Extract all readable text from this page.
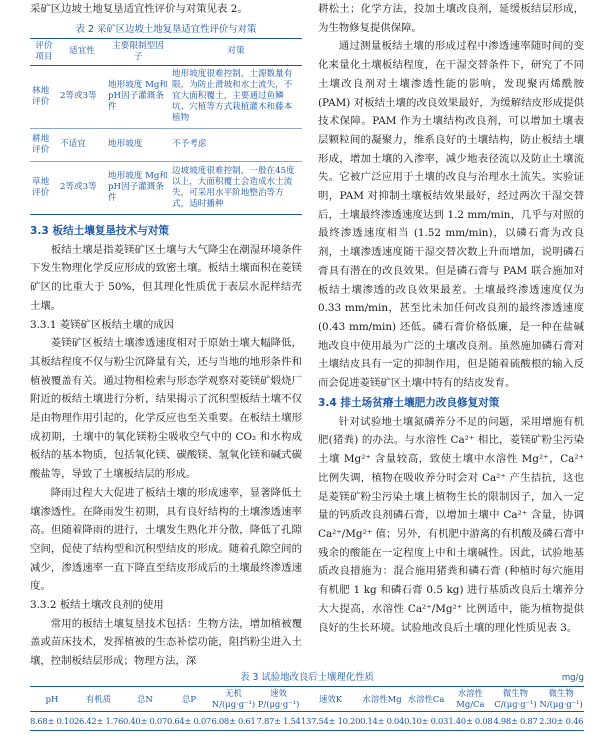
采矿区边坡土地复垦适宜性评价与对策见表 2。

表 2 采矿区边坡土地复垦适宜性评价与对策
评价项目	适宜性	主要限制型因子	对策
林地评价	2等或3等	地形坡度 Mg和pH因子灌溉条件	地形坡度很难控制，土源数量有限，为防止滑坡和水土流失，不宜大面积覆土，主要通过鱼鳞坑、穴植等方式栽植灌木和藤本植物
耕地评价	不适宜	地形坡度	不予考虑
草地评价	2等或3等	地形坡度 Mg和pH因子灌溉条件	边坡坡度很难控制，一般在45度以上，大面积覆土会造成水土流失，可采用水平阶地整治等方式，适时播种
3.3 板结土壤复垦技术与对策

板结土壤是指菱镁矿区土壤与大气降尘在潮湿环境条件下发生物理化学反应形成的致密土壤。板结土壤面积在菱镁矿区的比重大于 50%，但其理化性质优于表层水泥样结壳土壤。

3.3.1 菱镁矿区板结土壤的成因

菱镁矿区板结土壤渗透速度相对于原始土壤大幅降低，其板结程度不仅与粉尘沉降量有关，还与当地的地形条件和植被覆盖有关。通过物相检索与形态学观察对菱镁矿煅烧厂附近的板结土壤进行分析，结果揭示了沉积型板结土壤不仅是由物理作用引起的，化学反应也至关重要。在板结土壤形成初期，土壤中的氧化镁粉尘吸收空气中的 CO₂ 和水构成板结的基本物质，包括氧化镁、碳酸镁、氢氧化镁和碱式碳酸盐等，导致了土壤板结层的形成。

降雨过程大大促进了板结土壤的形成速率，显著降低土壤渗透性。在降雨发生初期，具有良好结构的土壤渗透速率高。但随着降雨的进行，土壤发生熟化并分散，降低了孔隙空间，促使了结构型和沉积型结皮的形成。随着孔隙空间的减少，渗透速率一直下降直至结皮形成后的土壤最终渗透速度。

3.3.2 板结土壤改良剂的使用

常用的板结土壤复垦技术包括：生物方法，增加植被覆盖或苗床技术，发挥植被的生态补偿功能，阻挡粉尘进入土壤，控制板结层形成；物理方法，深

耕松土；化学方法，投加土壤改良剂，延缓板结层形成，为生物修复提供保障。

通过测量板结土壤的形成过程中渗透速率随时间的变化来量化土壤板结程度，在干湿交替条件下，研究了不同土壤改良剂对土壤渗透性能的影响，发现聚丙烯酰胺 (PAM) 对板结土壤的改良效果最好，为缓解结皮形成提供技术保障。PAM 作为土壤结构改良剂，可以增加土壤表层颗粒间的凝聚力，维系良好的土壤结构，防止板结土壤形成，增加土壤的入渗率，减少地表径流以及防止土壤流失。它被广泛应用于土壤的改良与治理水土流失。实验证明，PAM 对抑制土壤板结效果最好，经过两次干湿交替后，土壤最终渗透速度达到 1.2 mm/min，几乎与对照的最终渗透速度相当 (1.52 mm/min)，以磷石膏为改良剂，土壤渗透速度随干湿交替次数上升而增加，说明磷石膏具有潜在的改良效果。但是磷石膏与 PAM 联合施加对板结土壤渗透的改良效果最差。土壤最终渗透速度仅为 0.33 mm/min，甚至比未加任何改良剂的最终渗透速度 (0.43 mm/min) 还低。磷石膏价格低廉，是一种在盐碱地改良中使用最为广泛的土壤改良剂。虽然施加磷石膏对土壤结皮具有一定的抑制作用，但是随着硫酸根的输入反而会促进菱镁矿区土壤中特有的结皮发育。

3.4 排土场贫瘠土壤肥力改良修复对策

针对试验地土壤氮磷养分不足的问题，采用增施有机肥(猪粪) 的办法。与水溶性 Ca²⁺ 相比，菱镁矿粉尘污染土壤 Mg²⁺ 含量较高，致使土壤中水溶性 Mg²⁺，Ca²⁺ 比例失调，植物在吸收养分时会对 Ca²⁺ 产生拮抗，这也是菱镁矿粉尘污染土壤上植物生长的限制因子，加入一定量的钙质改良剂磷石膏，以增加土壤中 Ca²⁺ 含量，协调 Ca²⁺/Mg²⁺ 值；另外，有机肥中游离的有机酸及磷石膏中残余的酸能在一定程度上中和土壤碱性。因此，试验地基质改良措施为：混合施用猪粪和磷石膏 (种植时每穴施用有机肥 1 kg 和磷石膏 0.5 kg) 进行基质改良后土壤养分大大提高，水溶性 Ca²⁺/Mg²⁺ 比例适中，能为植物提供良好的生长环境。试验地改良后土壤的理化性质见表 3。

表 3 试验地改良后土壤理化性质	mg/g
pH	有机质	总N	总P	无机N/(μg·g⁻¹)	速效P/(μg·g⁻¹)	速效K	水溶性Mg	水溶性Ca	水溶性Mg/Ca	微生物C/(μg·g⁻¹)	微生物N/(μg·g⁻¹)
8.68± 0.10	26.42± 1.76	0.40± 0.07	0.64± 0.07	6.08± 0.61	7.87± 1.54	137.54± 10.20	0.14± 0.04	0.10± 0.03	1.40± 0.08	4.98± 0.87	2.30± 0.46
